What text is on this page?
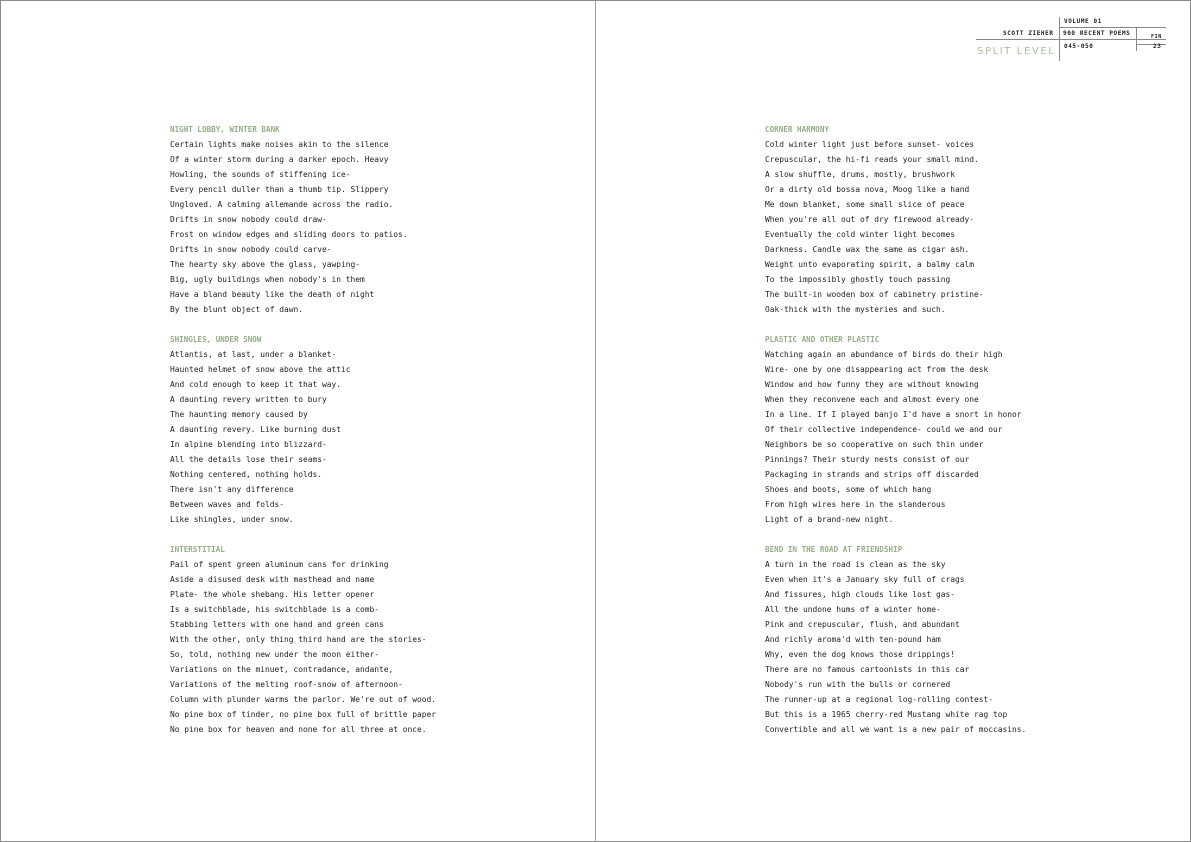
VOLUME 01
SCOTT ZIEHER 900 RECENT POEMS	FIN
045-050	23
SPLIT LEVEL
NIGHT LOBBY, WINTER BANK
Certain lights make noises akin to the silence
Of a winter storm during a darker epoch. Heavy
Howling, the sounds of stiffening ice-
Every pencil duller than a thumb tip. Slippery
Ungloved. A calming allemande across the radio.
Drifts in snow nobody could draw-
Frost on window edges and sliding doors to patios.
Drifts in snow nobody could carve-
The hearty sky above the glass, yawping-
Big, ugly buildings when nobody's in them
Have a bland beauty like the death of night
By the blunt object of dawn.
SHINGLES, UNDER SNOW
Atlantis, at last, under a blanket-
Haunted helmet of snow above the attic
And cold enough to keep it that way.
A daunting revery written to bury
The haunting memory caused by
A daunting revery. Like burning dust
In alpine blending into blizzard-
All the details lose their seams-
Nothing centered, nothing holds.
There isn't any difference
Between waves and folds-
Like shingles, under snow.
INTERSTITIAL
Pail of spent green aluminum cans for drinking
Aside a disused desk with masthead and name
Plate- the whole shebang. His letter opener
Is a switchblade, his switchblade is a comb-
Stabbing letters with one hand and green cans
With the other, only thing third hand are the stories-
So, told, nothing new under the moon either-
Variations on the minuet, contradance, andante,
Variations of the melting roof-snow of afternoon-
Column with plunder warms the parlor. We're out of wood.
No pine box of tinder, no pine box full of brittle paper
No pine box for heaven and none for all three at once.
CORNER HARMONY
Cold winter light just before sunset- voices
Crepuscular, the hi-fi reads your small mind.
A slow shuffle, drums, mostly, brushwork
Or a dirty old bossa nova, Moog like a hand
Me down blanket, some small slice of peace
When you're all out of dry firewood already-
Eventually the cold winter light becomes
Darkness. Candle wax the same as cigar ash.
Weight unto evaporating spirit, a balmy calm
To the impossibly ghostly touch passing
The built-in wooden box of cabinetry pristine-
Oak-thick with the mysteries and such.
PLASTIC AND OTHER PLASTIC
Watching again an abundance of birds do their high
Wire- one by one disappearing act from the desk
Window and how funny they are without knowing
When they reconvene each and almost every one
In a line. If I played banjo I'd have a snort in honor
Of their collective independence- could we and our
Neighbors be so cooperative on such thin under
Pinnings? Their sturdy nests consist of our
Packaging in strands and strips off discarded
Shoes and boots, some of which hang
From high wires here in the slanderous
Light of a brand-new night.
BEND IN THE ROAD AT FRIENDSHIP
A turn in the road is clean as the sky
Even when it's a January sky full of crags
And fissures, high clouds like lost gas-
All the undone hums of a winter home-
Pink and crepuscular, flush, and abundant
And richly aroma'd with ten-pound ham
Why, even the dog knows those drippings!
There are no famous cartoonists in this car
Nobody's run with the bulls or cornered
The runner-up at a regional log-rolling contest-
But this is a 1965 cherry-red Mustang white rag top
Convertible and all we want is a new pair of moccasins.
